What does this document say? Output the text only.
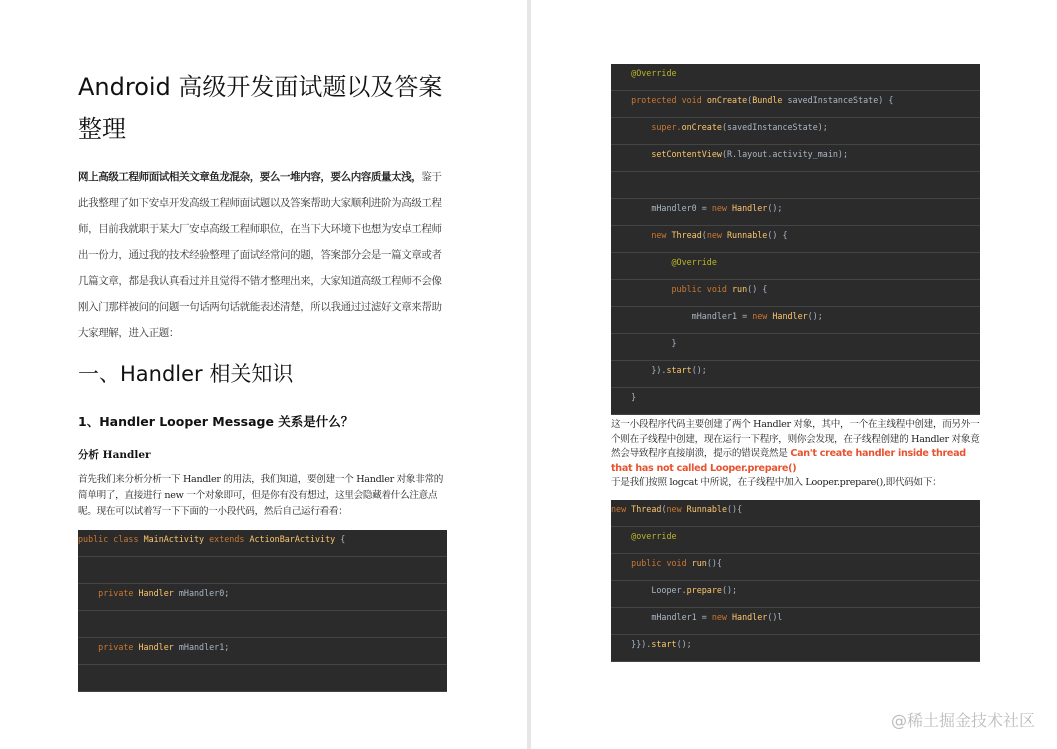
Android 高级开发面试题以及答案整理
网上高级工程师面试相关文章鱼龙混杂，要么一堆内容，要么内容质量太浅，鉴于此我整理了如下安卓开发高级工程师面试题以及答案帮助大家顺利进阶为高级工程师，目前我就职于某大厂安卓高级工程师职位，在当下大环境下也想为安卓工程师出一份力，通过我的技术经验整理了面试经常问的题，答案部分会是一篇文章或者几篇文章，都是我认真看过并且觉得不错才整理出来，大家知道高级工程师不会像刚入门那样被问的问题一句话两句话就能表述清楚，所以我通过过滤好文章来帮助大家理解，进入正题：
一、Handler 相关知识
1、Handler Looper Message 关系是什么？
分析 Handler
首先我们来分析分析一下 Handler 的用法，我们知道，要创建一个 Handler 对象非常的简单明了，直接进行 new 一个对象即可，但是你有没有想过，这里会隐藏着什么注意点呢。现在可以试着写一下下面的一小段代码，然后自己运行看看：
public class MainActivity extends ActionBarActivity {

private Handler mHandler0;

private Handler mHandler1;

@Override
protected void onCreate(Bundle savedInstanceState) {
super.onCreate(savedInstanceState);
setContentView(R.layout.activity_main);

mHandler0 = new Handler();
new Thread(new Runnable() {
@Override
public void run() {
mHandler1 = new Handler();
}
}).start();
}
这一小段程序代码主要创建了两个 Handler 对象，其中，一个在主线程中创建，而另外一个则在子线程中创建，现在运行一下程序，则你会发现，在子线程创建的 Handler 对象竟然会导致程序直接崩溃，提示的错误竟然是 Can't create handler inside thread that has not called Looper.prepare()
于是我们按照 logcat 中所说，在子线程中加入 Looper.prepare(),即代码如下：
new Thread(new Runnable(){
@override
public void run(){
Looper.prepare();
mHandler1 = new Handler()l
}}).start();
@稀土掘金技术社区
